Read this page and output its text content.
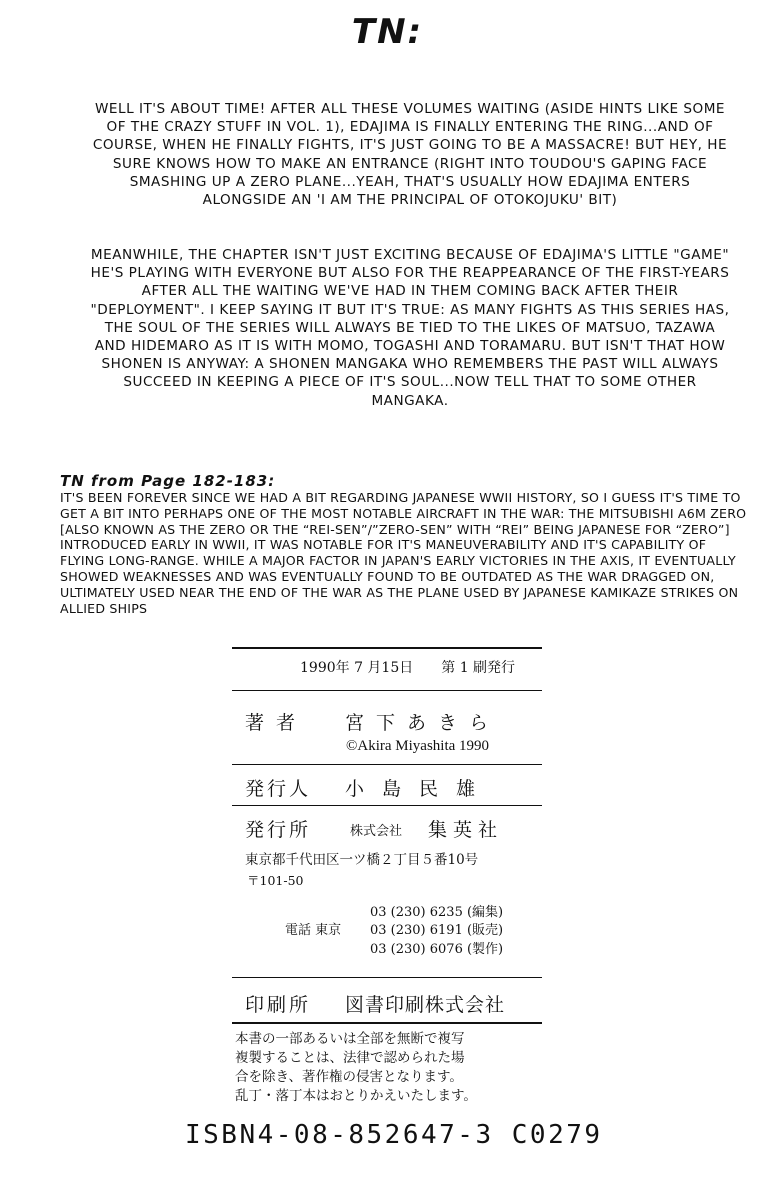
TN:
WELL IT'S ABOUT TIME! AFTER ALL THESE VOLUMES WAITING (ASIDE HINTS LIKE SOME OF THE CRAZY STUFF IN VOL. 1), EDAJIMA IS FINALLY ENTERING THE RING...AND OF COURSE, WHEN HE FINALLY FIGHTS, IT'S JUST GOING TO BE A MASSACRE! BUT HEY, HE SURE KNOWS HOW TO MAKE AN ENTRANCE (RIGHT INTO TOUDOU'S GAPING FACE SMASHING UP A ZERO PLANE...YEAH, THAT'S USUALLY HOW EDAJIMA ENTERS ALONGSIDE AN 'I AM THE PRINCIPAL OF OTOKOJUKU' BIT)
MEANWHILE, THE CHAPTER ISN'T JUST EXCITING BECAUSE OF EDAJIMA'S LITTLE "GAME" HE'S PLAYING WITH EVERYONE BUT ALSO FOR THE REAPPEARANCE OF THE FIRST-YEARS AFTER ALL THE WAITING WE'VE HAD IN THEM COMING BACK AFTER THEIR "DEPLOYMENT". I KEEP SAYING IT BUT IT'S TRUE: AS MANY FIGHTS AS THIS SERIES HAS, THE SOUL OF THE SERIES WILL ALWAYS BE TIED TO THE LIKES OF MATSUO, TAZAWA AND HIDEMARO AS IT IS WITH MOMO, TOGASHI AND TORAMARU. BUT ISN'T THAT HOW SHONEN IS ANYWAY: A SHONEN MANGAKA WHO REMEMBERS THE PAST WILL ALWAYS SUCCEED IN KEEPING A PIECE OF IT'S SOUL...NOW TELL THAT TO SOME OTHER MANGAKA.
TN from Page 182-183:
IT'S BEEN FOREVER SINCE WE HAD A BIT REGARDING JAPANESE WWII HISTORY, SO I GUESS IT'S TIME TO GET A BIT INTO PERHAPS ONE OF THE MOST NOTABLE AIRCRAFT IN THE WAR: THE MITSUBISHI A6M ZERO [ALSO KNOWN AS THE ZERO OR THE “REI-SEN”/”ZERO-SEN” WITH “REI” BEING JAPANESE FOR “ZERO”] INTRODUCED EARLY IN WWII, IT WAS NOTABLE FOR IT'S MANEUVERABILITY AND IT'S CAPABILITY OF FLYING LONG-RANGE. WHILE A MAJOR FACTOR IN JAPAN'S EARLY VICTORIES IN THE AXIS, IT EVENTUALLY SHOWED WEAKNESSES AND WAS EVENTUALLY FOUND TO BE OUTDATED AS THE WAR DRAGGED ON, ULTIMATELY USED NEAR THE END OF THE WAR AS THE PLANE USED BY JAPANESE KAMIKAZE STRIKES ON ALLIED SHIPS
1990年 7 月15日　　第 1 刷発行
著 者 宮下あきら
©Akira Miyashita 1990
発行人 小島民雄
発行所	株式会社 集英社
東京都千代田区一ツ橋２丁目５番10号
〒101-50
電話 東京
03 (230) 6235 (編集)
03 (230) 6191 (販売)
03 (230) 6076 (製作)
印刷所 図書印刷株式会社
本書の一部あるいは全部を無断で複写
複製することは、法律で認められた場
合を除き、著作権の侵害となります。
乱丁・落丁本はおとりかえいたします。
ISBN4-08-852647-3 C0279
